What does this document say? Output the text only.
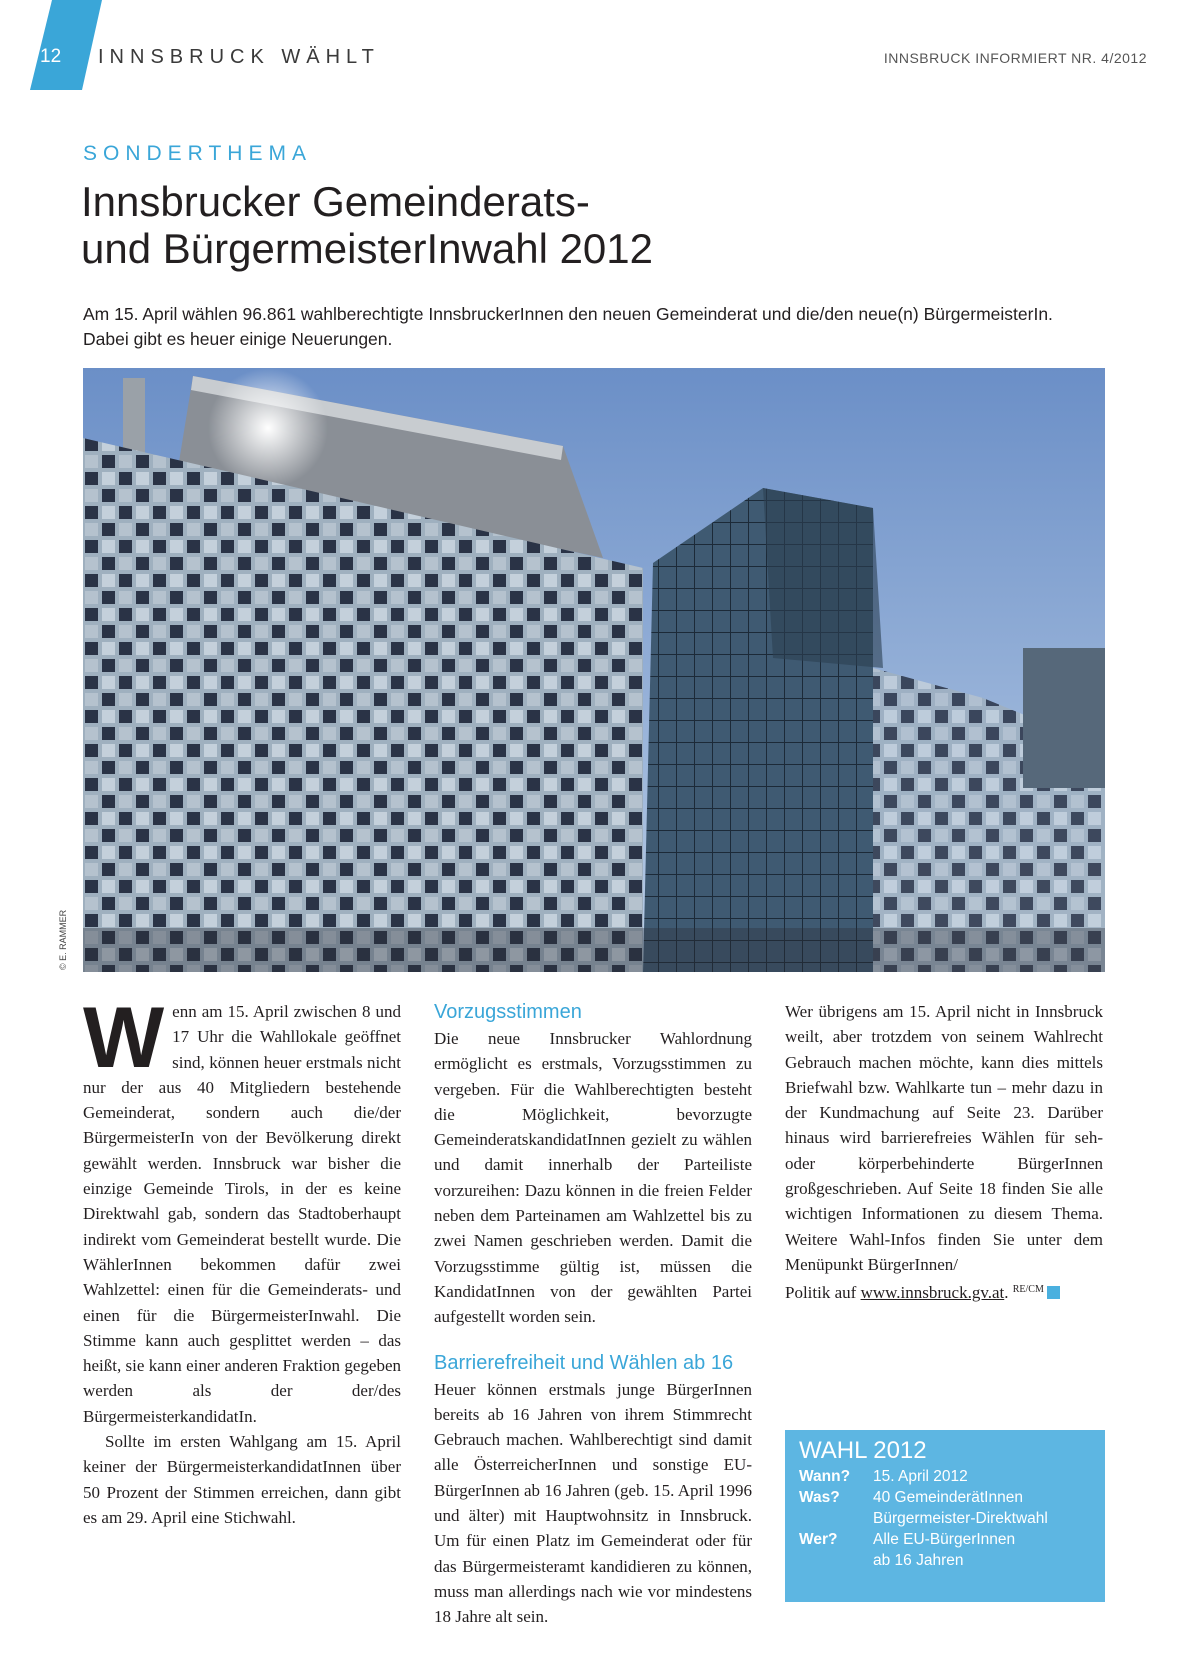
12 INNSBRUCK WÄHLT	INNSBRUCK INFORMIERT NR. 4/2012
SONDERTHEMA
Innsbrucker Gemeinderats-
und BürgermeisterInwahl 2012
Am 15. April wählen 96.861 wahlberechtigte InnsbruckerInnen den neuen Gemeinderat und die/den neue(n) BürgermeisterIn. Dabei gibt es heuer einige Neuerungen.
© E. RAMMER

Wenn am 15. April zwischen 8 und 17 Uhr die Wahllokale geöffnet sind, können heuer erstmals nicht nur der aus 40 Mitgliedern bestehende Gemeinderat, sondern auch die/der BürgermeisterIn von der Bevölkerung direkt gewählt werden. Innsbruck war bisher die einzige Gemeinde Tirols, in der es keine Direktwahl gab, sondern das Stadtoberhaupt indirekt vom Gemeinderat bestellt wurde. Die WählerInnen bekommen dafür zwei Wahlzettel: einen für die Gemeinderats- und einen für die BürgermeisterInwahl. Die Stimme kann auch gesplittet werden – das heißt, sie kann einer anderen Fraktion gegeben werden als der der/des BürgermeisterkandidatIn.

Sollte im ersten Wahlgang am 15. April keiner der BürgermeisterkandidatInnen über 50 Prozent der Stimmen erreichen, dann gibt es am 29. April eine Stichwahl.

Vorzugsstimmen

Die neue Innsbrucker Wahlordnung ermöglicht es erstmals, Vorzugsstimmen zu vergeben. Für die Wahlberechtigten besteht die Möglichkeit, bevorzugte GemeinderatskandidatInnen gezielt zu wählen und damit innerhalb der Parteiliste vorzureihen: Dazu können in die freien Felder neben dem Parteinamen am Wahlzettel bis zu zwei Namen geschrieben werden. Damit die Vorzugsstimme gültig ist, müssen die KandidatInnen von der gewählten Partei aufgestellt worden sein.

Barrierefreiheit und Wählen ab 16

Heuer können erstmals junge BürgerInnen bereits ab 16 Jahren von ihrem Stimmrecht Gebrauch machen. Wahlberechtigt sind damit alle ÖsterreicherInnen und sonstige EU-BürgerInnen ab 16 Jahren (geb. 15. April 1996 und älter) mit Hauptwohnsitz in Innsbruck. Um für einen Platz im Gemeinderat oder für das Bürgermeisteramt kandidieren zu können, muss man allerdings nach wie vor mindestens 18 Jahre alt sein.

Wer übrigens am 15. April nicht in Innsbruck weilt, aber trotzdem von seinem Wahlrecht Gebrauch machen möchte, kann dies mittels Briefwahl bzw. Wahlkarte tun – mehr dazu in der Kundmachung auf Seite 23. Darüber hinaus wird barrierefreies Wählen für seh- oder körperbehinderte BürgerInnen großgeschrieben. Auf Seite 18 finden Sie alle wichtigen Informationen zu diesem Thema. Weitere Wahl-Infos finden Sie unter dem Menüpunkt BürgerInnen/

Politik auf www.innsbruck.gv.at. $^{RE/CM}$

WAHL 2012
Wann?	15. April 2012
Was?	40 GemeinderätInnen
Bürgermeister-Direktwahl
Wer?	Alle EU-BürgerInnen
ab 16 Jahren
